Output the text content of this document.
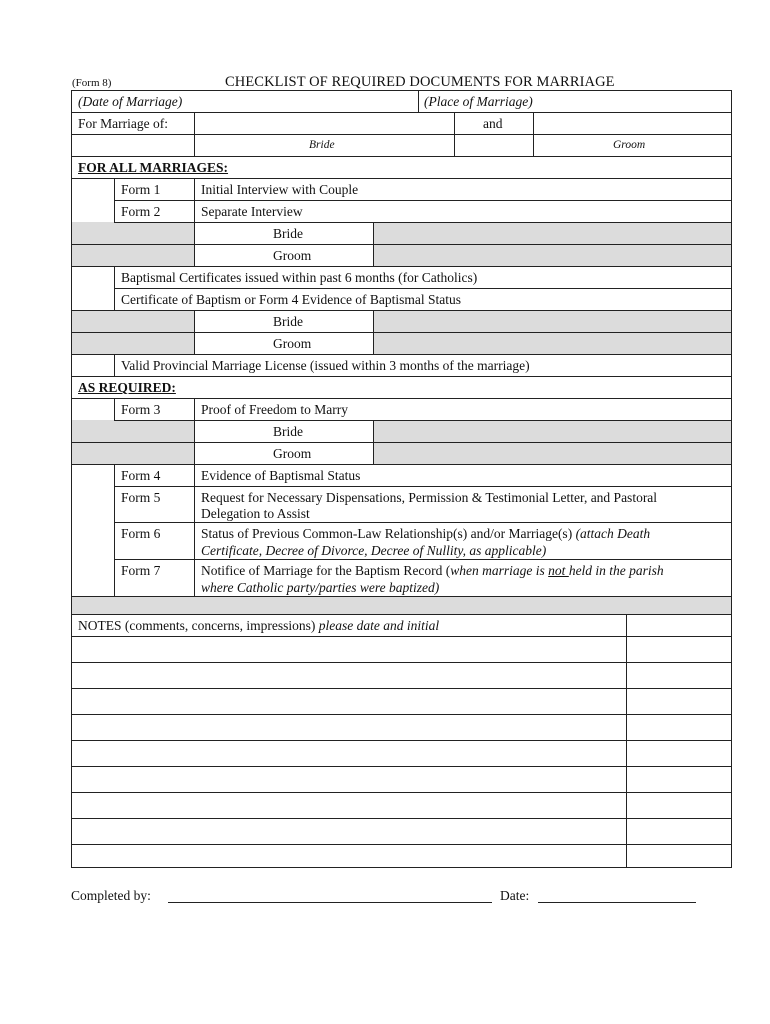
(Form 8)	CHECKLIST OF REQUIRED DOCUMENTS FOR MARRIAGE
(Date of Marriage)	(Place of Marriage)
For Marriage of:	and
Bride	Groom
FOR ALL MARRIAGES:
Form 1	Initial Interview with Couple
Form 2	Separate Interview
Bride
Groom
Baptismal Certificates issued within past 6 months (for Catholics)
Certificate of Baptism or Form 4 Evidence of Baptismal Status
Bride
Groom
Valid Provincial Marriage License (issued within 3 months of the marriage)
AS REQUIRED:
Form 3	Proof of Freedom to Marry
Bride
Groom
Form 4	Evidence of Baptismal Status
Form 5	Request for Necessary Dispensations, Permission & Testimonial Letter, and Pastoral
Delegation to Assist
Form 6	Status of Previous Common-Law Relationship(s) and/or Marriage(s) (attach Death
Certificate, Decree of Divorce, Decree of Nullity, as applicable)
Form 7	Notifice of Marriage for the Baptism Record (when marriage is not held in the parish
where Catholic party/parties were baptized)
NOTES (comments, concerns, impressions) please date and initial
Completed by:	Date:
